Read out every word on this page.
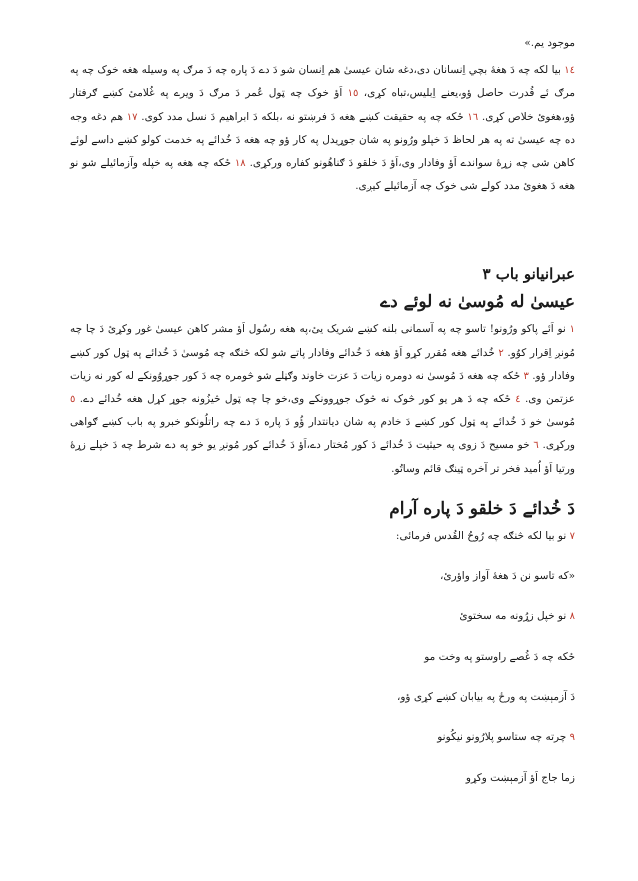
موجود يم.»

١٤ بيا لکه چه دَ هغۀ بچي اِنسانان دی،دغه شان عيسىٰ هم اِنسان شو دَ دے دَ پاره چه دَ مرګ په وسيله هغه خوک چه په مرګ ئے قُدرت حاصل ؤو،يعنے اِبليس،تباه کړی، ١٥ اَؤ خوک چه ټول عُمر دَ مرګ دَ ويرے په غُلامئ کښے ګرفتار ؤو،هغوئ خلاص کړی. ١٦ ځکه چه په حقيقت کښے هغه دَ فرښتو نه ،بلکه دَ ابراهيم دَ نسل مدد کوی. ١٧ هم دغه وجه ده چه عيسىٰ ته په هر لحاظ دَ خپلو ورُونو په شان جوړيدل په کار ؤو چه هغه دَ خُدائے په خدمت کولو کښے داسے لوئے کاهن شی چه زړۀ سواندے اَؤ وفادار وی،اَؤ دَ خلقو دَ ګناهُونو کفاره ورکړی. ١٨ ځکه چه هغه په خپله وآزمائيلے شو نو هغه دَ هغوئ مدد کولے شی خوک چه آزمائيلے کيږی.

عبرانيانو باب ٣
عيسىٰ له مُوسىٰ نه لوئے دے

١ نو اَئے پاکو ورُونو! تاسو چه په آسمانی بلنه کښے شريک يئ،په هغه رسُول اَؤ مشر کاهن عيسىٰ غور وکړئ دَ چا چه مُونږ اِقرار کوُو. ٢ خُدائے هغه مُقرر کړو اَؤ هغه دَ خُدائے وفادار پاتے شو لکه څنګه چه مُوسىٰ دَ خُدائے په ټول کور کښے وفادار ؤو. ٣ ځکه چه هغه دَ مُوسىٰ نه دومره زيات دَ عزت خاوند وګڼلے شو څومره چه دَ کور جوړوُونکے له کور نه زيات عزتمن وی. ٤ ځکه چه دَ هر يو کور څوک نه څوک جوړوونکے وی،خو چا چه ټول څيزُونه جوړ کړل هغه خُدائے دے. ٥ مُوسىٰ خو دَ خُدائے په ټول کور کښے دَ خادم په شان ديانتدار ؤُو دَ پاره دَ دے چه راتلُونکو خبرو په باب کښے ګواهی ورکړی. ٦ خو مسيح دَ زوی په حيثيت دَ خُدائے دَ کور مُختار دے،اَؤ دَ خُدائے کور مُونږ يو خو په دے شرط چه دَ خپلے زړۀ ورتيا اَؤ اُميد فخر تر آخره ټينګ قائم وساتُو.

دَ خُدائے دَ خلقو دَ پاره آرام

٧ نو بيا لکه څنګه چه رُوحُ القُدس فرمائی:

«که تاسو نن دَ هغۀ آواز واؤرئ،

٨ نو خپل زړُونه مه سختوئ

ځکه چه دَ غُصے راوستو په وخت مو

دَ آزمېښت په ورځ په بيابان کښے کړی ؤو،

٩ چرته چه ستاسو پلارُونو نيکُونو

زما جاج اَؤ آزمېښت وکړو
